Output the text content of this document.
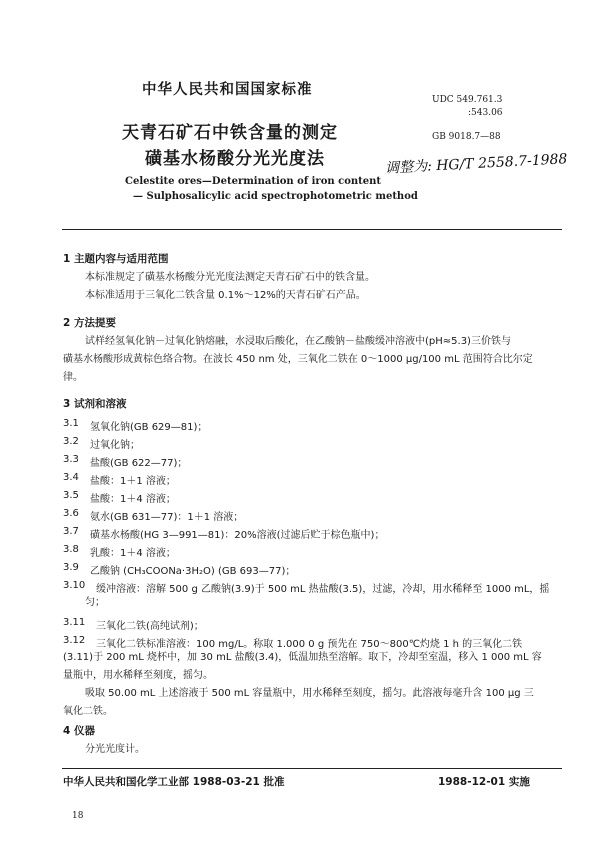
中华人民共和国国家标准
UDC 549.761.3
:543.06
GB 9018.7—88
调整为: HG/T 2558.7-1988
天青石矿石中铁含量的测定
磺基水杨酸分光光度法
Celestite ores—Determination of iron content
— Sulphosalicylic acid spectrophotometric method
1 主题内容与适用范围
本标准规定了磺基水杨酸分光光度法测定天青石矿石中的铁含量。
本标准适用于三氧化二铁含量 0.1%～12%的天青石矿石产品。
2 方法提要
试样经氢氧化钠－过氧化钠熔融，水浸取后酸化，在乙酸钠－盐酸缓冲溶液中(pH≈5.3)三价铁与
磺基水杨酸形成黄棕色络合物。在波长 450 nm 处，三氧化二铁在 0～1000 μg/100 mL 范围符合比尔定
律。
3 试剂和溶液
3.1 氢氧化钠(GB 629—81)；
3.2 过氧化钠；
3.3 盐酸(GB 622—77)；
3.4 盐酸：1＋1 溶液；
3.5 盐酸：1＋4 溶液；
3.6 氨水(GB 631—77)：1＋1 溶液；
3.7 磺基水杨酸(HG 3—991—81)：20%溶液(过滤后贮于棕色瓶中)；
3.8 乳酸：1＋4 溶液；
3.9 乙酸钠 (CH₃COONa·3H₂O) (GB 693—77)；
3.10 缓冲溶液：溶解 500 g 乙酸钠(3.9)于 500 mL 热盐酸(3.5)，过滤，冷却，用水稀释至 1000 mL，摇
匀；
3.11 三氧化二铁(高纯试剂)；
3.12 三氧化二铁标准溶液：100 mg/L。称取 1.000 0 g 预先在 750～800℃灼烧 1 h 的三氧化二铁
(3.11)于 200 mL 烧杯中，加 30 mL 盐酸(3.4)，低温加热至溶解。取下，冷却至室温，移入 1 000 mL 容
量瓶中，用水稀释至刻度，摇匀。
吸取 50.00 mL 上述溶液于 500 mL 容量瓶中，用水稀释至刻度，摇匀。此溶液每毫升含 100 μg 三
氧化二铁。
4 仪器
分光光度计。
中华人民共和国化学工业部 1988-03-21 批准	1988-12-01 实施
18
